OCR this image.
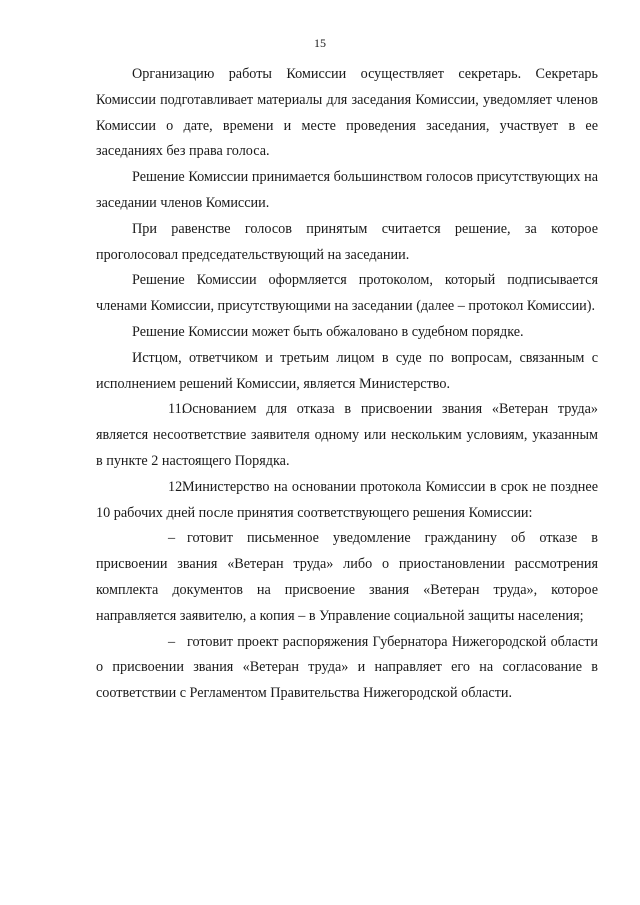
15

Организацию работы Комиссии осуществляет секретарь. Секретарь Комиссии подготавливает материалы для заседания Комиссии, уведомляет членов Комиссии о дате, времени и месте проведения заседания, участвует в ее заседаниях без права голоса.

Решение Комиссии принимается большинством голосов присутствующих на заседании членов Комиссии.

При равенстве голосов принятым считается решение, за которое проголосовал председательствующий на заседании.

Решение Комиссии оформляется протоколом, который подписывается членами Комиссии, присутствующими на заседании (далее – протокол Комиссии).

Решение Комиссии может быть обжаловано в судебном порядке.

Истцом, ответчиком и третьим лицом в суде по вопросам, связанным с исполнением решений Комиссии, является Министерство.

11.Основанием для отказа в присвоении звания «Ветеран труда» является несоответствие заявителя одному или нескольким условиям, указанным в пункте 2 настоящего Порядка.

12.Министерство на основании протокола Комиссии в срок не позднее 10 рабочих дней после принятия соответствующего решения Комиссии:

– готовит письменное уведомление гражданину об отказе в присвоении звания «Ветеран труда» либо о приостановлении рассмотрения комплекта документов на присвоение звания «Ветеран труда», которое направляется заявителю, а копия – в Управление социальной защиты населения;

– готовит проект распоряжения Губернатора Нижегородской области о присвоении звания «Ветеран труда» и направляет его на согласование в соответствии с Регламентом Правительства Нижегородской области.
